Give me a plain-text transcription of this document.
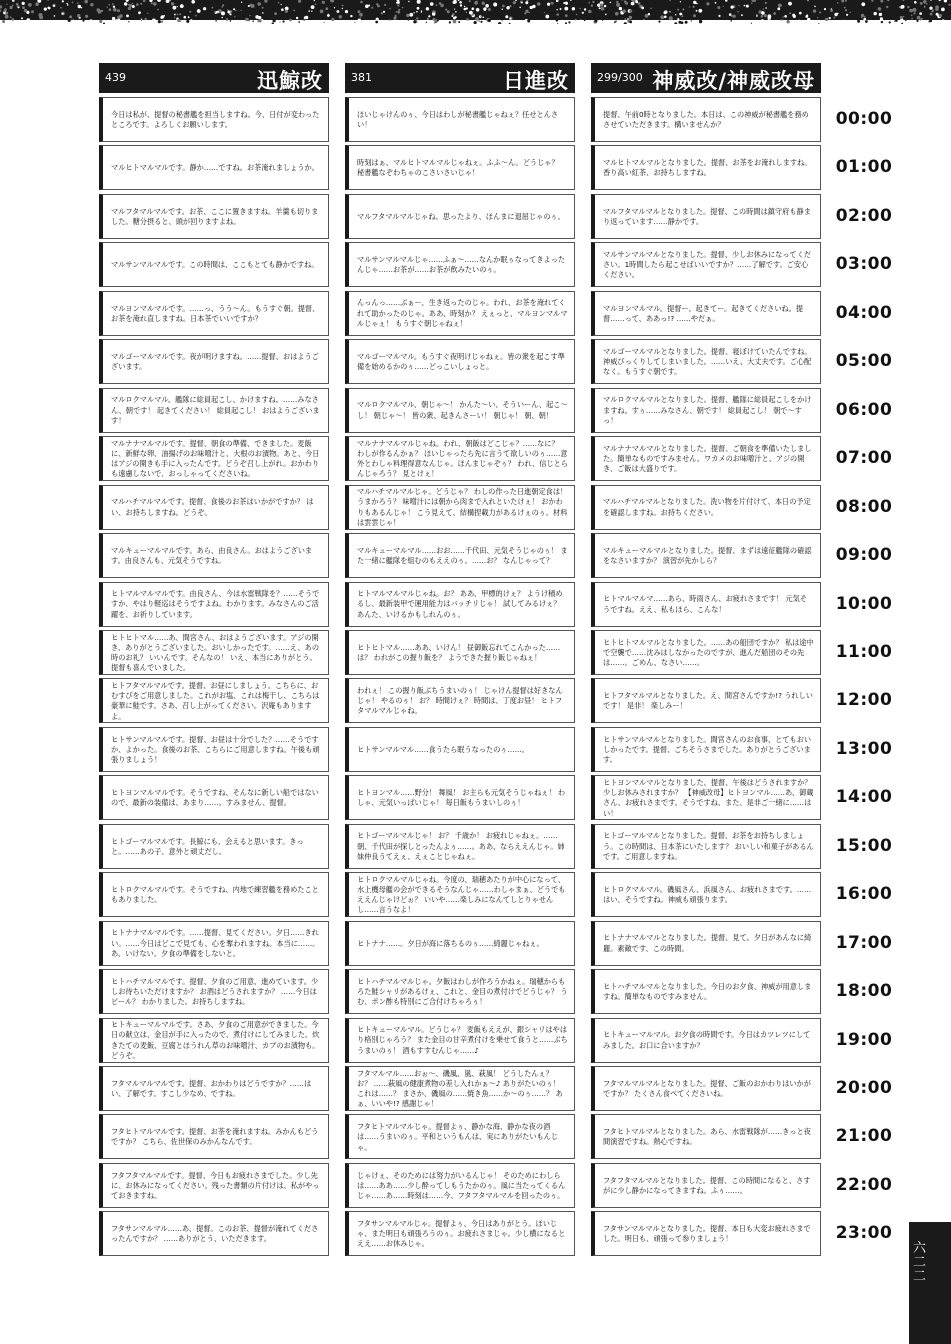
439	迅鯨改	381	日進改	299/300 神威改/神威改母
今日は私が、提督の秘書艦を担当しますね。今、日付が変わったところです。よろしくお願いします。
ほいじゃけんのぅ、今日はわしが秘書艦じゃねぇ？任せとんさい！
提督、午前0時となりました。本日は、この神威が秘書艦を務めさせていただきます。構いませんか？	00:00
マルヒトマルマルです。静か……ですね。お茶淹れましょうか。
時刻はぁ、マルヒトマルマルじゃねぇ。ふふ〜ん。どうじゃ？ 秘書艦なぞわちゃのこさいさいじゃ！
マルヒトマルマルとなりました。提督、お茶をお淹れしますね。香り高い紅茶、お持ちしますね。	01:00
マルフタマルマルです。お茶、ここに置きますね。羊羹も切りました。糖分摂ると、頭が回りますよね。
マルフタマルマルじゃね。思ったより、ほんまに退屈じゃのぅ。
マルフタマルマルとなりました。提督、この時間は鎮守府も静まり返っています……静かです。	02:00
マルサンマルマルです。この時間は、ここもとても静かですね。
マルサンマルマルじゃ……ふぁ〜……なんか眠ぅなってきよったんじゃ……お茶が……お茶が飲みたいのぅ。
マルサンマルマルとなりました。提督、少しお休みになってください。1時間したら起こせばいいですか？……了解です。ご安心ください。
03:00
マルヨンマルマルです。……っ、うう〜ん。もうすぐ朝。提督、お茶を淹れ直しますね。日本茶でいいですか？
んっんっ……ぶぁー、生き返ったのじゃ。われ、お茶を淹れてくれて助かったのじゃ。ああ、時刻か？ えぇっと、マルヨンマルマルじゃぇ！ もうすぐ朝じゃねぇ！
マルヨンマルマル。提督ー、起きてー。起きてくださいね。提督……って、ああっ!? ……やだぁ。	04:00
マルゴーマルマルです。夜が明けますね。……提督、おはようございます。
マルゴーマルマル。もうすぐ夜明けじゃねぇ。皆の衆を起こす準備を始めるかのぅ……どっこいしょっと。
マルゴーマルマルとなりました。提督、寝ぼけていたんですね。神威びっくりしてしまいました。……いえ、大丈夫です。ご心配なく。もうすぐ朝です。
05:00
マルロクマルマル。艦隊に総員起こし、かけますね。……みなさん、朝です！ 起きてください！ 総員起こし！ おはようございます！
マルロクマルマル、朝じゃ〜！ かんた〜い、そういーん、起こ〜し！ 朝じゃ〜！ 皆の衆、起きんさーい！ 朝じゃ！ 朝、朝！
マルロクマルマルとなりました。提督、艦隊に総員起こしをかけますね。すぅ……みなさん、朝です！ 総員起こし！ 朝で〜すっ！
06:00
マルナナマルマルです。提督、朝食の準備、できました。麦飯に、新鮮な卵、油揚げのお味噌汁と、大根のお漬物。あと、今日はアジの開きも手に入ったんです。どうぞ召し上がれ。おかわりも遠慮しないで、おっしゃってくださいね。
マルナナマルマルじゃね。われ、朝飯はどこじゃ？……なに？ わしが作るんかぁ？ ほいじゃったら先に言うて欲しいのぅ……意外とわしゃ料理得意なんじゃ。ほんまじゃぞぅ？ われ、信じとらんじゃろう？ 見とけぇ！
マルナナマルマルとなりました。提督、ご朝食を準備いたしました。簡単なものですみません。ワカメのお味噌汁と、アジの開き、ご飯は大盛りです。
07:00
マルハチマルマルです。提督、食後のお茶はいかがですか？ はい、お持ちしますね。どうぞ。
マルハチマルマルじゃ。どうじゃ？ わしの作った日進朝定食は！ うまかろう？ 味噌汁には朝から肉まで入れといたけぇ！ おかわりもあるんじゃ！ こう見えて、結構捏載力があるけぇのぅ。材料は雲雲じゃ！
マルハチマルマルとなりました。洗い物を片付けて、本日の予定を確認しますね。お持ちください。	08:00
マルキューマルマルです。あら、由良さん。おはようございます。由良さんも、元気そうですね。
マルキューマルマル……おお……千代田、元気そうじゃのぅ！ また一緒に艦隊を組むのもええのぅ。……お？ なんじゃって？
マルキューマルマルとなりました。提督、まずは遠征艦隊の確認をなさいますか？ 演習が先かしら？	09:00
ヒトマルマルマルです。由良さん、今は水雷戦隊を？……そうですか、やはり軽巡はそうですよね。わかります。みなさんのご活躍を、お祈りしています。
ヒトマルマルマルじゃね。お？ ああ、甲標的けぇ？ ようけ積めるし、最新装甲で運用能力はバッチリじゃ！ 試してみるけぇ？ あんた、いけるかもしれんのぅ。
ヒトマルマルマ……あら、時雨さん、お疲れさまです！ 元気そうですね。ええ、私もほら、こんな！	10:00
ヒトヒトマル……あ、間宮さん、おはようございます。アジの開き、ありがとうございました。おいしかったです。……え、あの時のお礼？ いいんです、そんなの！ いえ、本当にありがとう。提督も喜んでいました。
ヒトヒトマル……ああ、いけん！ 昼御飯忘れてこんかった……は？ われがこの握り飯を？ ようできた握り飯じゃねぇ！
ヒトヒトマルマルとなりました。……あの船団ですか？ 私は途中で空襲で……沈みはしなかったのですが、進んだ船団のその先は……。ごめん、なさい……。
11:00
ヒトフタマルマルです。提督、お昼にしましょう。こちらに、おむすびをご用意しました。これがお塩、これは梅干し、こちらは豪華に鮭です。さあ、召し上がってください。沢庵もありますよ。
われぇ！ この握り飯ぶちうまいのぅ！ じゃけん提督は好きなんじゃ！ やるのぅ！ お？ 時間けぇ？ 時間は、丁度お昼！ ヒトフタマルマルじゃね。
ヒトフタマルマルとなりました。え、間宮さんですか!? うれしいです！ 是非！ 楽しみー！	12:00
ヒトサンマルマルです。提督、お昼は十分でした？……そうですか、よかった。食後のお茶、こちらにご用意しますね。午後も頑張りましょう！
ヒトサンマルマル……食うたら眠うなったのぅ……。
ヒトサンマルマルとなりました。間宮さんのお食事、とてもおいしかったです。提督、ごちそうさまでした。ありがとうございます。
13:00
ヒトヨンマルマルです。そうですね、そんなに新しい船ではないので、最新の装備は、あまり……。すみません、提督。
ヒトヨンマル……野分！ 舞風！ お主らも元気そうじゃねぇ！ わしゃ、元気いっぱいじゃ！ 毎日飯もうまいしのぅ！
ヒトヨンマルマルとなりました。提督、午後はどうされますか？ 少しお休みされますか？ 【神威改母】ヒトヨンマル……あ、御蔵さん、お疲れさまです。そうですね、また、是非ご一緒に……はい！
14:00
ヒトゴーマルマルです。長鯨にも、会えると思います。きっと。……あの子、意外と頑丈だし。
ヒトゴーマルマルじゃ！ お？ 千歳か！ お疲れじゃねぇ。……朝、千代田が探しとったんよぅ……。ああ、ならええんじゃ。姉妹仲良うてえぇ、えぇことじゃねぇ。
ヒトゴーマルマルとなりました。提督、お茶をお持ちしましょう。この時間は、日本茶にいたします？ おいしい和菓子があるんです。ご用意しますね。
15:00
ヒトロクマルマルです。そうですね、内地で練習艦を務めたこともありました。
ヒトロクマルマルじゃね。今度の、瑞穂あたりが中心になって、水上機母艦の会ができるそうなんじゃ……わしゃまぁ、どうでもええんじゃけどぉ？ いいや……楽しみになんてしとりゃせんし……言うなよ！
ヒトロクマルマル。磯風さん、浜風さん、お疲れさまです。……はい、そうですね。神威も頑張ります。	16:00
ヒトナナマルマルです。……提督、見てください。夕日……きれい。……今日はどこで見ても、心を奪われますね。本当に……。あ、いけない。夕食の準備をしないと。
ヒトナナ……。夕日が海に落ちるのぅ……綺麗じゃねぇ。
ヒトナナマルマルとなりました。提督、見て。夕日があんなに綺麗。素敵です、この時間。	17:00
ヒトハチマルマルです。提督、夕食のご用意、進めています。少しお待ちいただけますか？ お酒はどうされますか？ ……今日はビール？ わかりました。お持ちしますね。
ヒトハチマルマルじゃ。夕飯はわしが作ろうかねぇ。瑞穂からもろた鮭シャリがあるけぇ、これと、金目の煮付けでどうじゃ？ うむ、ポン酢も特別にご合付けちゃろぅ！
ヒトハチマルマルとなりました。今日のお夕食、神威が用意しますね。簡単なものですみません。	18:00
ヒトキューマルマルです。さあ、夕食のご用意ができました。今日の献立は、金目が手に入ったので、煮付けにしてみました。炊きたての麦飯、豆腐とほうれん草のお味噌汁、カブのお漬物も。どうぞ。
ヒトキューマルマル。どうじゃ？ 麦飯もええが、銀シャリはやはり格別じゃろう？ また金目の甘辛煮付けを乗せて食うと……ぶちうまいのぅ！ 酒もすすむんじゃ……♪
ヒトキューマルマル。お夕食の時間です。今日はカツレツにしてみました。お口に合いますか？	19:00
フタマルマルマルです。提督、おかわりはどうですか？……はい、了解です。すこし少なめ、ですね。
フタマルマル……おぉ〜、磯風、嵐、萩風！ どうしたんぇ？ お？ ……萩風の健康煮物の差し入れかぁ〜♪ ありがたいのぅ！ これは……？ まさか、磯風の……焼き魚……か〜のぅ……？ あぁ、いいや!? 感謝じゃ！
フタマルマルマルとなりました。提督、ご飯のおかわりはいかがですか？ たくさん食べてくださいね。	20:00
フタヒトマルマルです。提督、お茶を淹れますね。みかんもどうですか？ こちら、佐世保のみかんなんです。
フタヒトマルマルじゃ。提督よぅ、静かな海、静かな夜の酒は……うまいのぅ。平和というもんは、実にありがたいもんじゃ。
フタヒトマルマルとなりました。あら、水雷戦隊が……きっと夜間演習ですね。熱心ですね。	21:00
フタフタマルマルです。提督、今日もお疲れさまでした。少し先に、お休みになってください。残った書類の片付けは、私がやっておきますね。
じゃけぇ、そのためには努力がいるんじゃ！ そのためにわしらは……ああ……少し酔ってしもうたかのぅ。風に当たってくるんじゃ……あ……時刻は……今、フタフタマルマルを回ったのぅ。
フタフタマルマルとなりました。提督、この時間になると、さすがに少し静かになってきますね。ふぅ……。	22:00
フタサンマルマル……あ、提督。このお茶、提督が淹れてくださったんですか？ ……ありがとう、いただきます。
フタサンマルマルじゃ。提督よぅ、今日はありがとう。ほいじゃ、また明日も頑張ろうのぅ。お疲れさまじゃ。少し横になるとええ……お休みじゃ。
フタサンマルマルとなりました。提督、本日も大変お疲れさまでした。明日も、頑張って参りましょう！	23:00
六二二
